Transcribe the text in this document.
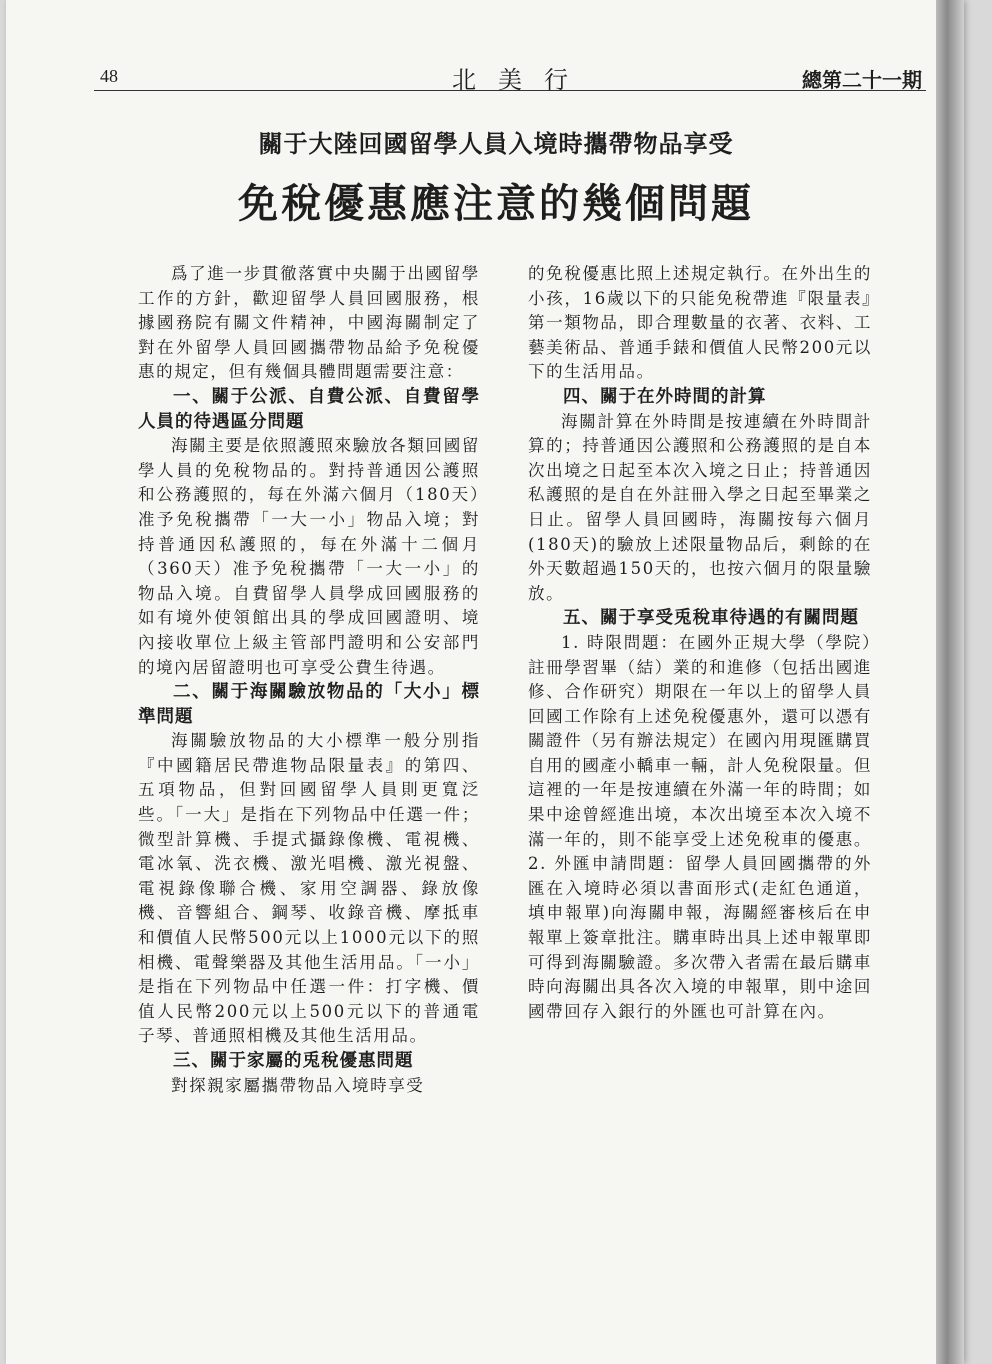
48	北美行	總第二十一期
關于大陸回國留學人員入境時攜帶物品享受
免稅優惠應注意的幾個問題

爲了進一步貫徹落實中央關于出國留學工作的方針，歡迎留學人員回國服務，根據國務院有關文件精神，中國海關制定了對在外留學人員回國攜帶物品給予免稅優惠的規定，但有幾個具體問題需要注意：

一、關于公派、自費公派、自費留學人員的待遇區分問題

海關主要是依照護照來驗放各類回國留學人員的免稅物品的。對持普通因公護照和公務護照的，每在外滿六個月（180天）准予免稅攜帶「一大一小」物品入境；對持普通因私護照的，每在外滿十二個月（360天）准予免稅攜帶「一大一小」的物品入境。自費留學人員學成回國服務的如有境外使領館出具的學成回國證明、境內接收單位上級主管部門證明和公安部門的境內居留證明也可享受公費生待遇。

二、關于海關驗放物品的「大小」標準問題

海關驗放物品的大小標準一般分別指『中國籍居民帶進物品限量表』的第四、五項物品，但對回國留學人員則更寬泛些。「一大」是指在下列物品中任選一件；微型計算機、手提式攝錄像機、電視機、電冰氧、洗衣機、激光唱機、激光視盤、電視錄像聯合機、家用空調器、錄放像機、音響組合、鋼琴、收錄音機、摩抵車和價值人民幣500元以上1000元以下的照相機、電聲樂器及其他生活用品。「一小」是指在下列物品中任選一件：打字機、價值人民幣200元以上500元以下的普通電子琴、普通照相機及其他生活用品。

三、關于家屬的兎稅優惠問題

對探親家屬攜帶物品入境時享受

的免稅優惠比照上述規定執行。在外出生的小孩，16歲以下的只能免稅帶進『限量表』第一類物品，即合理數量的衣著、衣料、工藝美術品、普通手錶和價值人民幣200元以下的生活用品。

四、關于在外時間的計算

海關計算在外時間是按連續在外時間計算的；持普通因公護照和公務護照的是自本次出境之日起至本次入境之日止；持普通因私護照的是自在外註冊入學之日起至畢業之日止。留學人員回國時，海關按每六個月(180天)的驗放上述限量物品后，剩餘的在外天數超過150天的，也按六個月的限量驗放。

五、關于享受兎稅車待遇的有關問題

1. 時限問題：在國外正規大學（學院）註冊學習畢（結）業的和進修（包括出國進修、合作研究）期限在一年以上的留學人員回國工作除有上述免稅優惠外，還可以憑有關證件（另有辦法規定）在國內用現匯購買自用的國產小轎車一輛，計人免稅限量。但這裡的一年是按連續在外滿一年的時間；如果中途曾經進出境，本次出境至本次入境不滿一年的，則不能享受上述免稅車的優惠。2. 外匯申請問題：留學人員回國攜帶的外匯在入境時必須以書面形式(走紅色通道，填申報單)向海關申報，海關經審核后在申報單上簽章批注。購車時出具上述申報單即可得到海關驗證。多次帶入者需在最后購車時向海關出具各次入境的申報單，則中途回國帶回存入銀行的外匯也可計算在內。
